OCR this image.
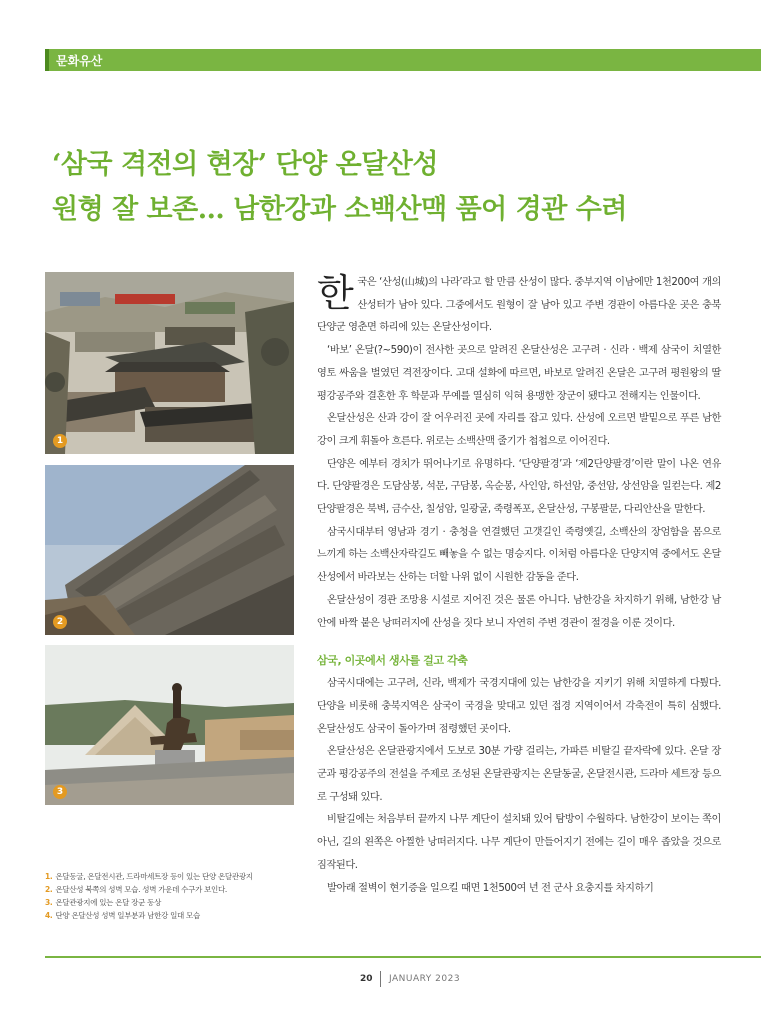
문화유산
‘삼국 격전의 현장’ 단양 온달산성
원형 잘 보존… 남한강과 소백산맥 품어 경관 수려
1
2
3
1. 온달동굴, 온달전시관, 드라마세트장 등이 있는 단양 온달관광지
2. 온달산성 북쪽의 성벽 모습. 성벽 가운데 수구가 보인다.
3. 온달관광지에 있는 온달 장군 동상
4. 단양 온달산성 성벽 일부분과 남한강 일대 모습

한국은 ‘산성(山城)의 나라’라고 할 만큼 산성이 많다. 중부지역 이남에만 1천200여 개의 산성터가 남아 있다. 그중에서도 원형이 잘 남아 있고 주변 경관이 아름다운 곳은 충북 단양군 영춘면 하리에 있는 온달산성이다.

‘바보’ 온달(?~590)이 전사한 곳으로 알려진 온달산성은 고구려 · 신라 · 백제 삼국이 치열한 영토 싸움을 벌였던 격전장이다. 고대 설화에 따르면, 바보로 알려진 온달은 고구려 평원왕의 딸 평강공주와 결혼한 후 학문과 무예를 열심히 익혀 용맹한 장군이 됐다고 전해지는 인물이다.

온달산성은 산과 강이 잘 어우러진 곳에 자리를 잡고 있다. 산성에 오르면 발밑으로 푸른 남한강이 크게 휘돌아 흐른다. 위로는 소백산맥 줄기가 첩첩으로 이어진다.

단양은 예부터 경치가 뛰어나기로 유명하다. ‘단양팔경’과 ‘제2단양팔경’이란 말이 나온 연유다. 단양팔경은 도담삼봉, 석문, 구담봉, 옥순봉, 사인암, 하선암, 중선암, 상선암을 일컫는다. 제2단양팔경은 북벽, 금수산, 칠성암, 일광굴, 죽령폭포, 온달산성, 구봉팔문, 다리안산을 말한다.

삼국시대부터 영남과 경기 · 충청을 연결했던 고갯길인 죽령옛길, 소백산의 장엄함을 몸으로 느끼게 하는 소백산자락길도 빼놓을 수 없는 명승지다. 이처럼 아름다운 단양지역 중에서도 온달산성에서 바라보는 산하는 더할 나위 없이 시원한 감동을 준다.

온달산성이 경관 조망용 시설로 지어진 것은 물론 아니다. 남한강을 차지하기 위해, 남한강 남안에 바짝 붙은 낭떠러지에 산성을 짓다 보니 자연히 주변 경관이 절경을 이룬 것이다.

삼국, 이곳에서 생사를 걸고 각축

삼국시대에는 고구려, 신라, 백제가 국경지대에 있는 남한강을 지키기 위해 치열하게 다퉜다. 단양을 비롯해 충북지역은 삼국이 국경을 맞대고 있던 접경 지역이어서 각축전이 특히 심했다. 온달산성도 삼국이 돌아가며 점령했던 곳이다.

온달산성은 온달관광지에서 도보로 30분 가량 걸리는, 가파른 비탈길 끝자락에 있다. 온달 장군과 평강공주의 전설을 주제로 조성된 온달관광지는 온달동굴, 온달전시관, 드라마 세트장 등으로 구성돼 있다.

비탈길에는 처음부터 끝까지 나무 계단이 설치돼 있어 탐방이 수월하다. 남한강이 보이는 쪽이 아닌, 길의 왼쪽은 아찔한 낭떠러지다. 나무 계단이 만들어지기 전에는 길이 매우 좁았을 것으로 짐작된다.

발아래 절벽이 현기증을 일으킬 때면 1천500여 년 전 군사 요충지를 차지하기

20 JANUARY 2023
